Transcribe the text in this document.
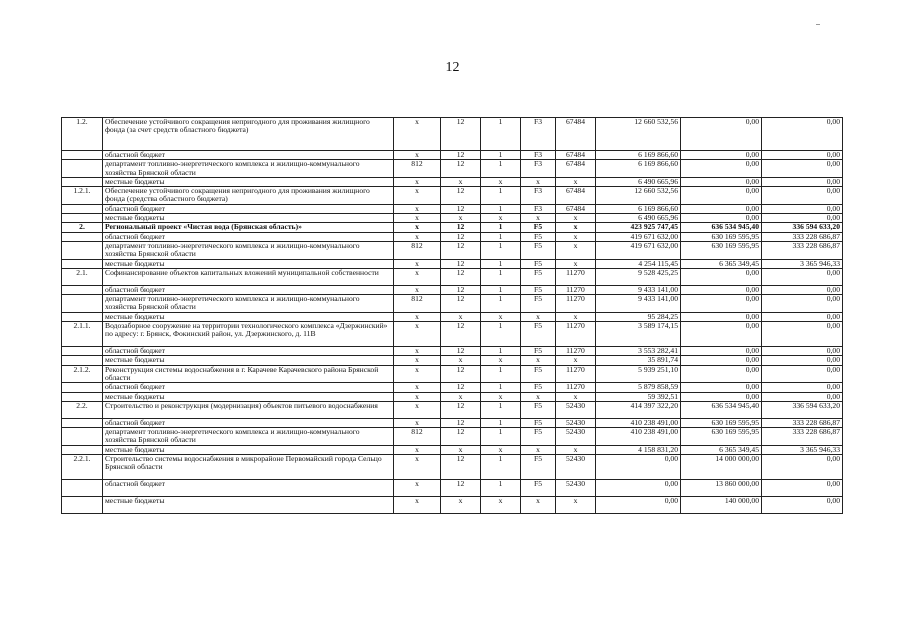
12
1.2.	Обеспечение устойчивого сокращения непригодного для проживания жилищного фонда (за счет средств областного бюджета)	х	12	1	F3	67484	12 660 532,56	0,00	0,00
	областной бюджет	х	12	1	F3	67484	6 169 866,60	0,00	0,00
	департамент топливно-энергетического комплекса и жилищно-коммунального хозяйства Брянской области	812	12	1	F3	67484	6 169 866,60	0,00	0,00
	местные бюджеты	х	х	х	х	х	6 490 665,96	0,00	0,00
1.2.1.	Обеспечение устойчивого сокращения непригодного для проживания жилищного фонда (средства областного бюджета)	х	12	1	F3	67484	12 660 532,56	0,00	0,00
	областной бюджет	х	12	1	F3	67484	6 169 866,60	0,00	0,00
	местные бюджеты	х	х	х	х	х	6 490 665,96	0,00	0,00
2.	Региональный проект «Чистая вода (Брянская область)»	х	12	1	F5	х	423 925 747,45	636 534 945,40	336 594 633,20
	областной бюджет	х	12	1	F5	х	419 671 632,00	630 169 595,95	333 228 686,87
	департамент топливно-энергетического комплекса и жилищно-коммунального хозяйства Брянской области	812	12	1	F5	х	419 671 632,00	630 169 595,95	333 228 686,87
	местные бюджеты	х	12	1	F5	х	4 254 115,45	6 365 349,45	3 365 946,33
2.1.	Софинансирование объектов капитальных вложений муниципальной собственности	х	12	1	F5	11270	9 528 425,25	0,00	0,00
	областной бюджет	х	12	1	F5	11270	9 433 141,00	0,00	0,00
	департамент топливно-энергетического комплекса и жилищно-коммунального хозяйства Брянской области	812	12	1	F5	11270	9 433 141,00	0,00	0,00
	местные бюджеты	х	х	х	х	х	95 284,25	0,00	0,00
2.1.1.	Водозаборное сооружение на территории технологического комплекса «Дзержинский» по адресу: г. Брянск, Фокинский район, ул. Дзержинского, д. 11В	х	12	1	F5	11270	3 589 174,15	0,00	0,00
	областной бюджет	х	12	1	F5	11270	3 553 282,41	0,00	0,00
	местные бюджеты	х	х	х	х	х	35 891,74	0,00	0,00
2.1.2.	Реконструкция системы водоснабжения в г. Карачеве Карачевского района Брянской области	х	12	1	F5	11270	5 939 251,10	0,00	0,00
	областной бюджет	х	12	1	F5	11270	5 879 858,59	0,00	0,00
	местные бюджеты	х	х	х	х	х	59 392,51	0,00	0,00
2.2.	Строительство и реконструкция (модернизация) объектов питьевого водоснабжения	х	12	1	F5	52430	414 397 322,20	636 534 945,40	336 594 633,20
	областной бюджет	х	12	1	F5	52430	410 238 491,00	630 169 595,95	333 228 686,87
	департамент топливно-энергетического комплекса и жилищно-коммунального хозяйства Брянской области	812	12	1	F5	52430	410 238 491,00	630 169 595,95	333 228 686,87
	местные бюджеты	х	х	х	х	х	4 158 831,20	6 365 349,45	3 365 946,33
2.2.1.	Строительство системы водоснабжения в микрорайоне Первомайский города Сельцо Брянской области	х	12	1	F5	52430	0,00	14 000 000,00	0,00
	областной бюджет	х	12	1	F5	52430	0,00	13 860 000,00	0,00
	местные бюджеты	х	х	х	х	х	0,00	140 000,00	0,00
